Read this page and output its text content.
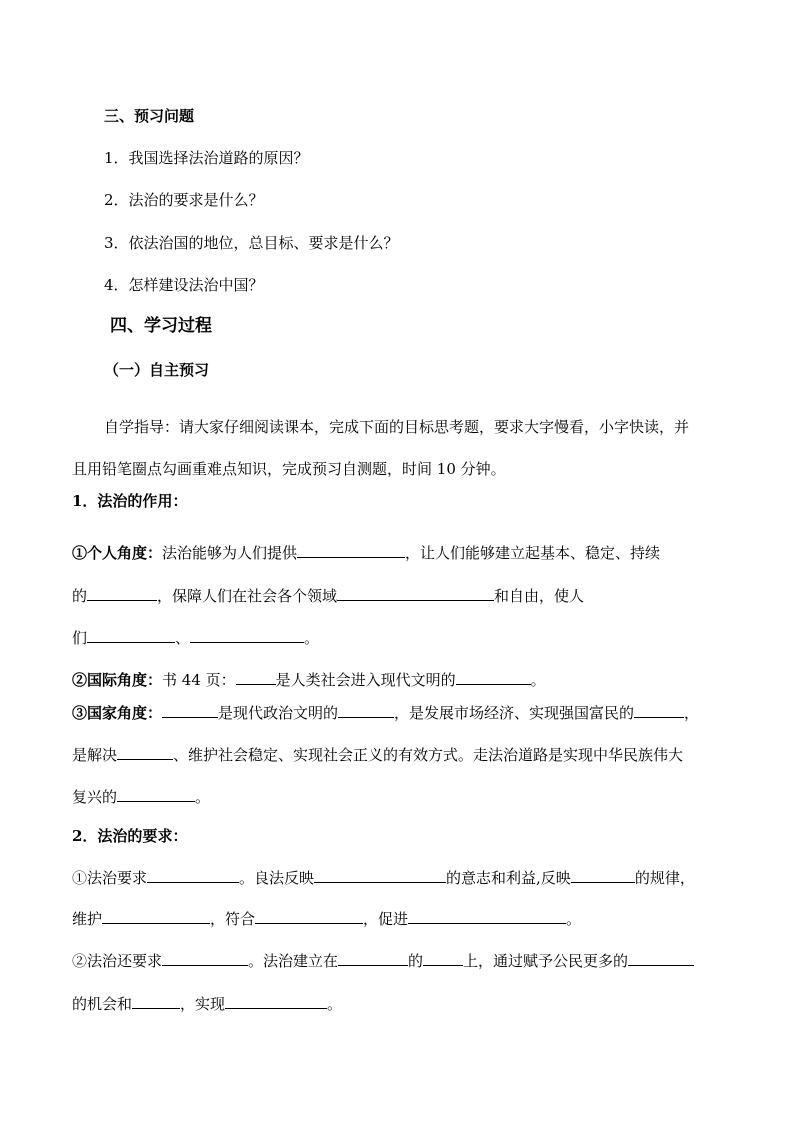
三、预习问题
1．我国选择法治道路的原因？
2．法治的要求是什么？
3．依法治国的地位，总目标、要求是什么？
4．怎样建设法治中国？
四、学习过程
（一）自主预习
自学指导：请大家仔细阅读课本，完成下面的目标思考题，要求大字慢看，小字快读，并
且用铅笔圈点勾画重难点知识，完成预习自测题，时间 10 分钟。
1．法治的作用：
①个人角度：法治能够为人们提供	，让人们能够建立起基本、稳定、持续
的	，保障人们在社会各个领域	和自由，使人
们	、	。
②国际角度：书 44 页：	是人类社会进入现代文明的	。
③国家角度：	是现代政治文明的	，是发展市场经济、实现强国富民的	，
是解决	、维护社会稳定、实现社会正义的有效方式。走法治道路是实现中华民族伟大
复兴的	。
2．法治的要求：
①法治要求	。良法反映	的意志和利益,反映	的规律，
维护	，符合	，促进	。
②法治还要求	。法治建立在	的	上，通过赋予公民更多的
的机会和	，实现	。
